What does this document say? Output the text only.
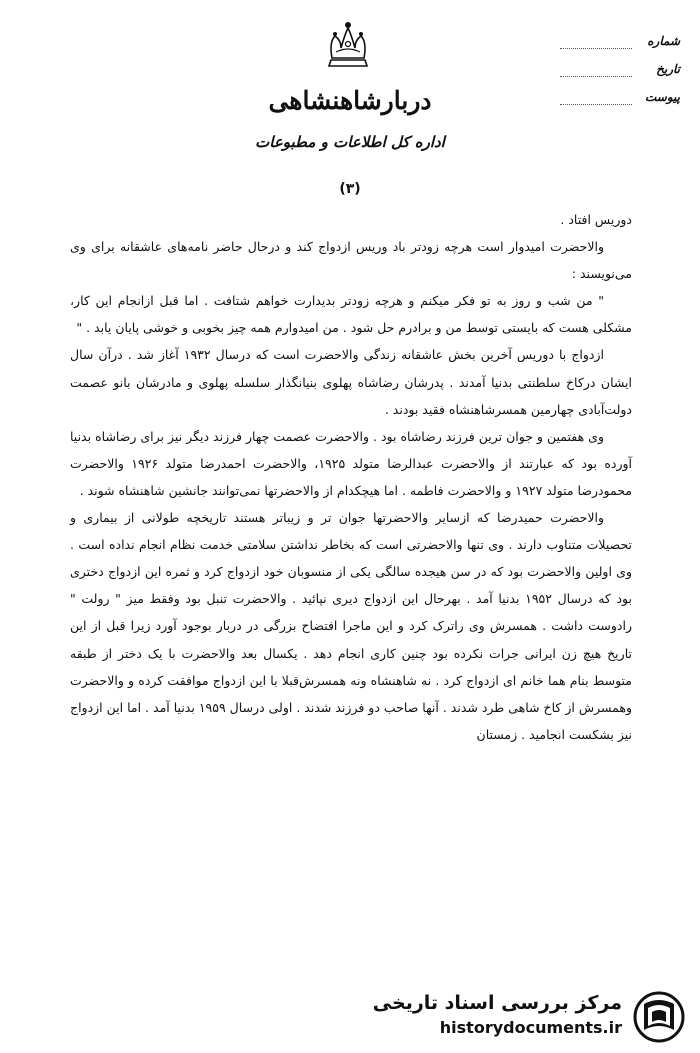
دربارشاهنشاهی
اداره کل اطلاعات و مطبوعات
شماره
تاریخ
پیوست
(۳)

دوریس افتاد .

والاحضرت امیدوار است هرچه زودتر باد وریس ازدواج کند و درحال حاضر نامه‌های عاشقانه برای وی می‌نویسند :

" من شب و روز به تو فکر میکنم و هرچه زودتر بدیدارت خواهم شتافت . اما قبل ازانجام این کار، مشکلی هست که بایستی توسط من و برادرم حل شود . من امیدوارم همه چیز بخوبی و خوشی پایان یابد . "

ازدواج با دوریس آخرین بخش عاشقانه زندگی والاحضرت است که درسال ۱۹۳۲ آغاز شد . درآن سال ایشان درکاخ سلطنتی بدنیا آمدند . پدرشان رضاشاه پهلوی بنیانگذار سلسله پهلوی و مادرشان بانو عصمت دولت‌آبادی چهارمین همسرشاهنشاه فقید بودند .

وی هفتمین و جوان ترین فرزند رضاشاه بود . والاحضرت عصمت چهار فرزند دیگر نیز برای رضاشاه بدنیا آورده بود که عبارتند از والاحضرت عبدالرضا متولد ۱۹۲۵، والاحضرت احمدرضا متولد ۱۹۲۶ والاحضرت محمودرضا متولد ۱۹۲۷ و والاحضرت فاطمه . اما هیچکدام از والاحضرتها نمی‌توانند جانشین شاهنشاه شوند .

والاحضرت حمیدرضا که ازسایر والاحضرتها جوان تر و زیباتر هستند تاریخچه طولانی از بیماری و تحصیلات متناوب دارند . وی تنها والاحضرتی است که بخاطر نداشتن سلامتی خدمت نظام انجام نداده است . وی اولین والاحضرت بود که در سن هیجده سالگی یکی از منسوبان خود ازدواج کرد و ثمره این ازدواج دختری بود که درسال ۱۹۵۲ بدنیا آمد . بهرحال این ازدواج دیری نپائید . والاحضرت تنبل بود وفقط میز " رولت " رادوست داشت . همسرش وی راترک کرد و این ماجرا افتضاح بزرگی در دربار بوجود آورد زیرا قبل از این تاریخ هیچ زن ایرانی جرات نکرده بود چنین کاری انجام دهد . یکسال بعد والاحضرت با یک دختر از طبقه متوسط بنام هما خانم ای ازدواج کرد . نه شاهنشاه ونه همسرش‌قبلا با این ازدواج موافقت کرده و والاحضرت وهمسرش از کاخ شاهی طرد شدند . آنها صاحب دو فرزند شدند . اولی درسال ۱۹۵۹ بدنیا آمد . اما این ازدواج نیز بشکست انجامید . زمستان

مرکز بررسی اسناد تاریخی
historydocuments.ir
